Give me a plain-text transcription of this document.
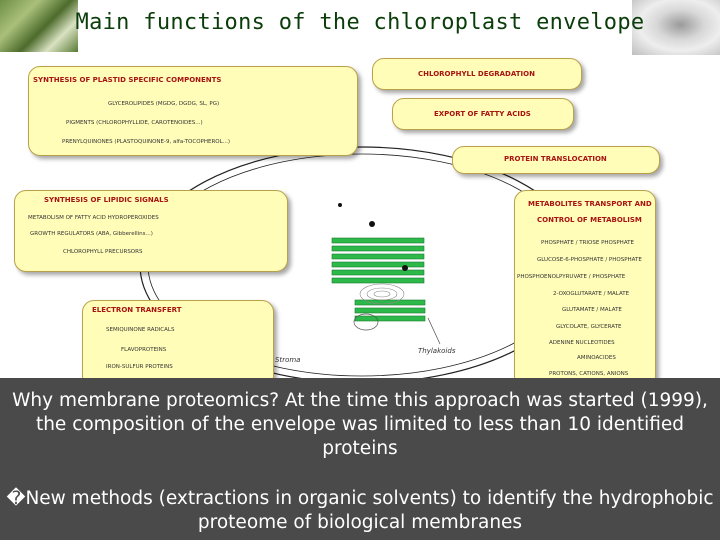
Main functions of the chloroplast envelope
SYNTHESIS OF PLASTID SPECIFIC COMPONENTS
GLYCEROLIPIDES (MGDG, DGDG, SL, PG)
PIGMENTS (CHLOROPHYLLIDE, CAROTENOIDES...)
PRENYLQUINONES (PLASTOQUINONE-9, alfa-TOCOPHEROL...)
CHLOROPHYLL DEGRADATION
EXPORT OF FATTY ACIDS
PROTEIN TRANSLOCATION
SYNTHESIS OF LIPIDIC SIGNALS
METABOLISM OF FATTY ACID HYDROPEROXIDES
GROWTH REGULATORS (ABA, Gibberellins...)
CHLOROPHYLL PRECURSORS
METABOLITES TRANSPORT AND
CONTROL OF METABOLISM
PHOSPHATE / TRIOSE PHOSPHATE
GLUCOSE-6-PHOSPHATE / PHOSPHATE
PHOSPHOENOLPYRUVATE / PHOSPHATE
2-OXOGLUTARATE / MALATE
GLUTAMATE / MALATE
GLYCOLATE, GLYCERATE
ADENINE NUCLEOTIDES
AMINOACIDES
PROTONS, CATIONS, ANIONS
ELECTRON TRANSFERT
SEMIQUINONE RADICALS
FLAVOPROTEINS
IRON-SULFUR PROTEINS
Stroma
Thylakoids
Why membrane proteomics? At the time this approach was started (1999), the composition of the envelope was limited to less than 10 identified proteins
�New methods (extractions in organic solvents) to identify the hydrophobic proteome of biological membranes
